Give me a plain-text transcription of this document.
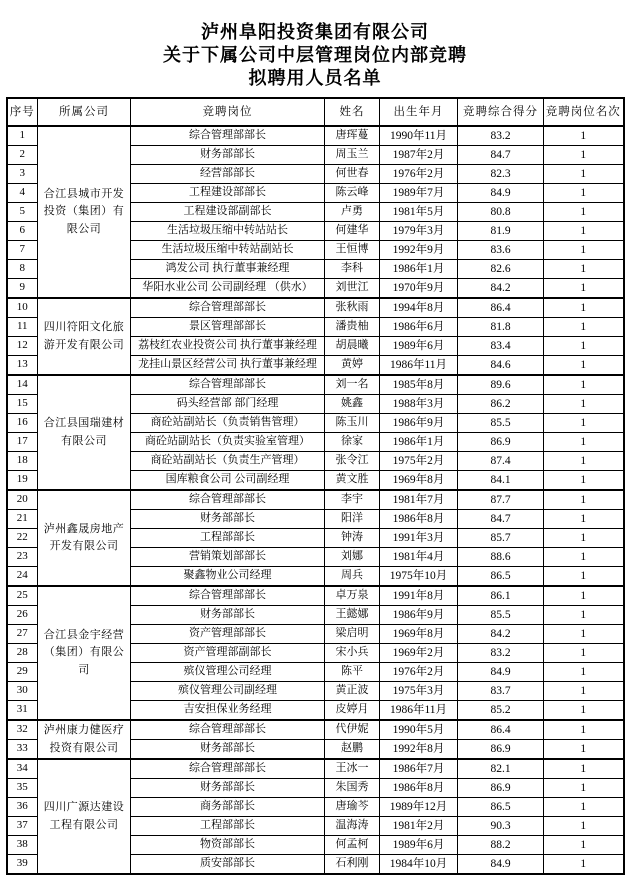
泸州阜阳投资集团有限公司
关于下属公司中层管理岗位内部竞聘
拟聘用人员名单
序号	所属公司	竞聘岗位	姓名	出生年月	竞聘综合得分	竞聘岗位名次
1	合江县城市开发投资（集团）有限公司	综合管理部部长	唐珲蔓	1990年11月	83.2	1
2		财务部部长	周玉兰	1987年2月	84.7	1
3		经营部部长	何世春	1976年2月	82.3	1
4		工程建设部部长	陈云峰	1989年7月	84.9	1
5		工程建设部副部长	卢勇	1981年5月	80.8	1
6		生活垃圾压缩中转站站长	何建华	1979年3月	81.9	1
7		生活垃圾压缩中转站副站长	王恒博	1992年9月	83.6	1
8		鸿发公司 执行董事兼经理	李科	1986年1月	82.6	1
9		华阳水业公司 公司副经理 （供水）	刘世江	1970年9月	84.2	1
10	四川符阳文化旅游开发有限公司	综合管理部部长	张秋雨	1994年8月	86.4	1
11		景区管理部部长	潘贵柚	1986年6月	81.8	1
12		荔枝红农业投资公司 执行董事兼经理	胡晨曦	1989年6月	83.4	1
13		龙挂山景区经营公司 执行董事兼经理	黄婷	1986年11月	84.6	1
14	合江县国瑞建材有限公司	综合管理部部长	刘一名	1985年8月	89.6	1
15		码头经营部 部门经理	姚鑫	1988年3月	86.2	1
16		商砼站副站长（负责销售管理）	陈玉川	1986年9月	85.5	1
17		商砼站副站长（负责实验室管理）	徐家	1986年1月	86.9	1
18		商砼站副站长（负责生产管理）	张令江	1975年2月	87.4	1
19		国库粮食公司 公司副经理	黄文胜	1969年8月	84.1	1
20	泸州鑫晟房地产开发有限公司	综合管理部部长	李宇	1981年7月	87.7	1
21		财务部部长	阳洋	1986年8月	84.7	1
22		工程部部长	钟涛	1991年3月	85.7	1
23		营销策划部部长	刘娜	1981年4月	88.6	1
24		聚鑫物业公司经理	周兵	1975年10月	86.5	1
25	合江县金宇经营（集团）有限公司	综合管理部部长	卓万泉	1991年8月	86.1	1
26		财务部部长	王懿娜	1986年9月	85.5	1
27		资产管理部部长	梁启明	1969年8月	84.2	1
28		资产管理部副部长	宋小兵	1969年2月	83.2	1
29		殡仪管理公司经理	陈平	1976年2月	84.9	1
30		殡仪管理公司副经理	黄正波	1975年3月	83.7	1
31		吉安担保业务经理	皮婷月	1986年11月	85.2	1
32	泸州康力健医疗投资有限公司	综合管理部部长	代伊妮	1990年5月	86.4	1
33		财务部部长	赵鹏	1992年8月	86.9	1
34	四川广源达建设工程有限公司	综合管理部部长	王冰一	1986年7月	82.1	1
35		财务部部长	朱国秀	1986年8月	86.9	1
36		商务部部长	唐瑜芩	1989年12月	86.5	1
37		工程部部长	温海涛	1981年2月	90.3	1
38		物资部部长	何孟柯	1989年6月	88.2	1
39		质安部部长	石利刚	1984年10月	84.9	1
